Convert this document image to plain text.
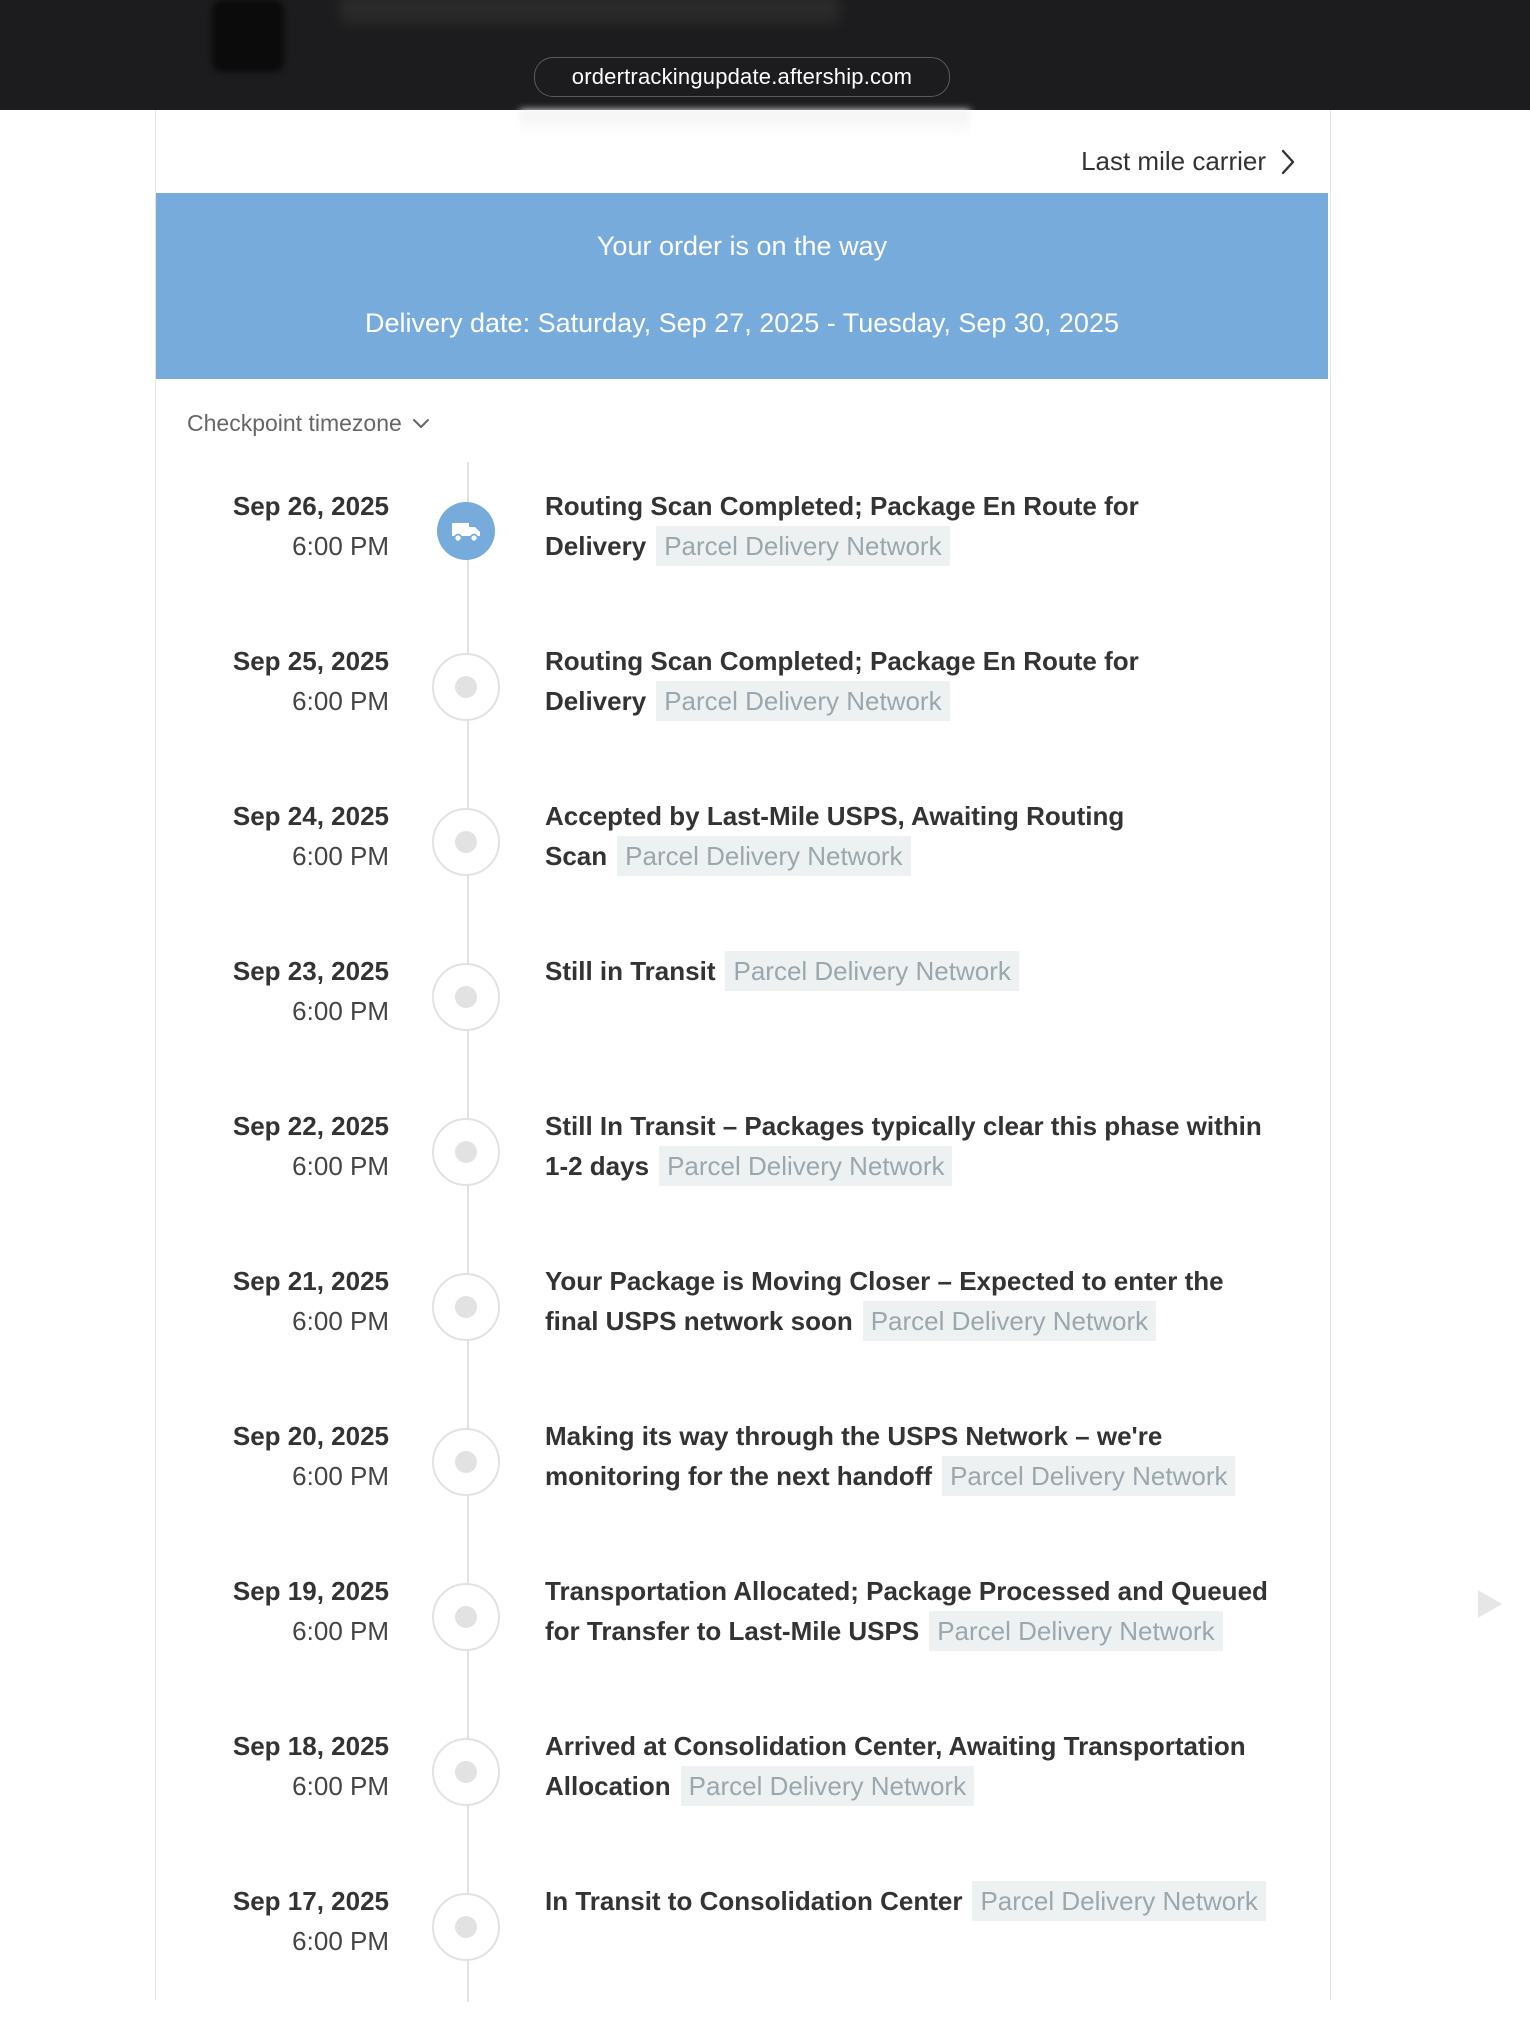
ordertrackingupdate.aftership.com
Last mile carrier
Your order is on the way
Delivery date: Saturday, Sep 27, 2025 - Tuesday, Sep 30, 2025
Checkpoint timezone
Sep 26, 2025
6:00 PM
Routing Scan Completed; Package En Route for
Delivery Parcel Delivery Network
Sep 25, 2025
6:00 PM
Routing Scan Completed; Package En Route for
Delivery Parcel Delivery Network
Sep 24, 2025
6:00 PM
Accepted by Last-Mile USPS, Awaiting Routing
Scan Parcel Delivery Network
Sep 23, 2025
6:00 PM
Still in Transit Parcel Delivery Network
Sep 22, 2025
6:00 PM
Still In Transit – Packages typically clear this phase within
1-2 days Parcel Delivery Network
Sep 21, 2025
6:00 PM
Your Package is Moving Closer – Expected to enter the
final USPS network soon Parcel Delivery Network
Sep 20, 2025
6:00 PM
Making its way through the USPS Network – we're
monitoring for the next handoff Parcel Delivery Network
Sep 19, 2025
6:00 PM
Transportation Allocated; Package Processed and Queued
for Transfer to Last-Mile USPS Parcel Delivery Network
Sep 18, 2025
6:00 PM
Arrived at Consolidation Center, Awaiting Transportation
Allocation Parcel Delivery Network
Sep 17, 2025
6:00 PM
In Transit to Consolidation Center Parcel Delivery Network
